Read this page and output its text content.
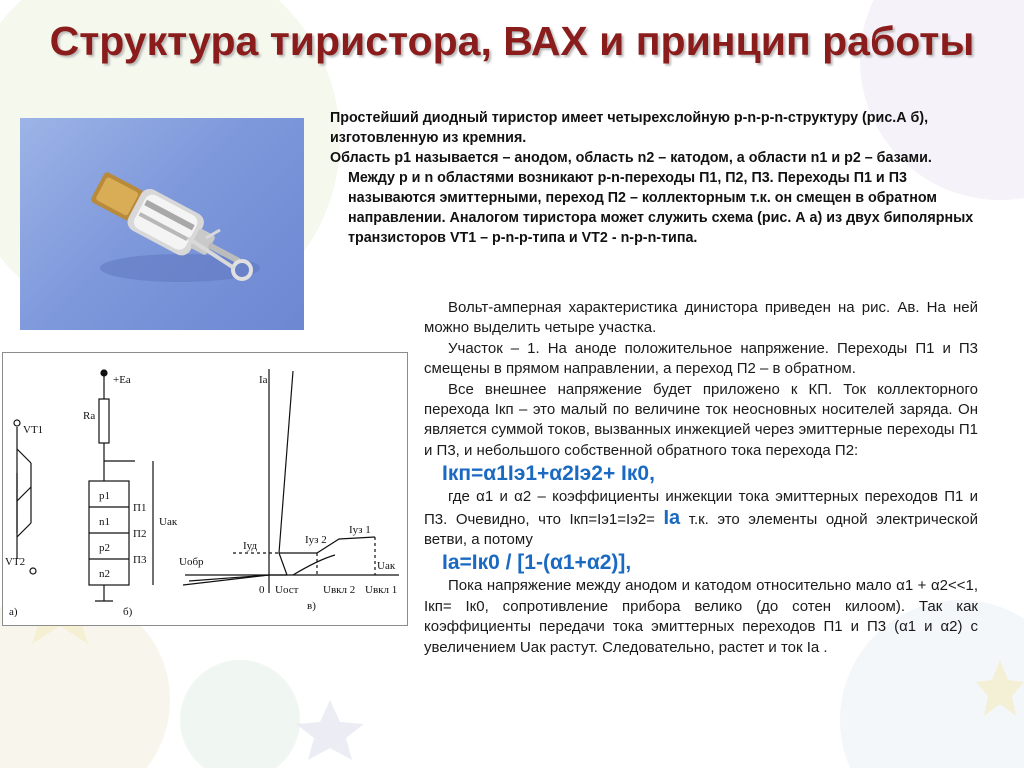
Структура тиристора, ВАХ и принцип работы

Простейший диодный тиристор имеет четырехслойную p-n-p-n-структуру (рис.А б), изготовленную из кремния.

Область p1 называется – анодом, область n2 – катодом, а области n1 и p2 – базами.

Между p и n областями возникают p-n-переходы П1, П2, П3. Переходы П1 и П3 называются эмиттерными, переход П2 – коллекторным т.к. он смещен в обратном направлении. Аналогом тиристора может служить схема (рис. А а) из двух биполярных транзисторов VT1 – p-n-p-типа и VT2 - n-p-n-типа.

Вольт-амперная характеристика динистора приведен на рис. Ав. На ней можно выделить четыре участка.

Участок – 1. На аноде положительное напряжение. Переходы П1 и П3 смещены в прямом направлении, а переход П2 – в обратном.

Все внешнее напряжение будет приложено к КП. Ток коллекторного перехода Iкп – это малый по величине ток неосновных носителей заряда. Он является суммой токов, вызванных инжекцией через эмиттерные переходы П1 и П3, и небольшого собственной обратного тока перехода П2:

Iкп=α1Iэ1+α2Iэ2+ Iк0,

где α1 и α2 – коэффициенты инжекции тока эмиттерных переходов П1 и П3. Очевидно, что Iкп=Iэ1=Iэ2= Ia т.к. это элементы одной электрической ветви, а потому

Ia=Iк0 / [1-(α1+α2)],

Пока напряжение между анодом и катодом относительно мало α1 + α2<<1, Iкп= Iк0, сопротивление прибора велико (до сотен килоом). Так как коэффициенты передачи тока эмиттерных переходов П1 и П3 (α1 и α2) с увеличением Uак растут. Следовательно, растет и ток Iа .

VT1
VT2
+Ea
Ra
Uак
p1
n1
p2
n2
П1
П2
П3
а)	б)
Ia
Uак
Uобр
Iуд	Iуз 2
Iуз 1
0 Uост
в)
Uвкл 2 Uвкл 1
